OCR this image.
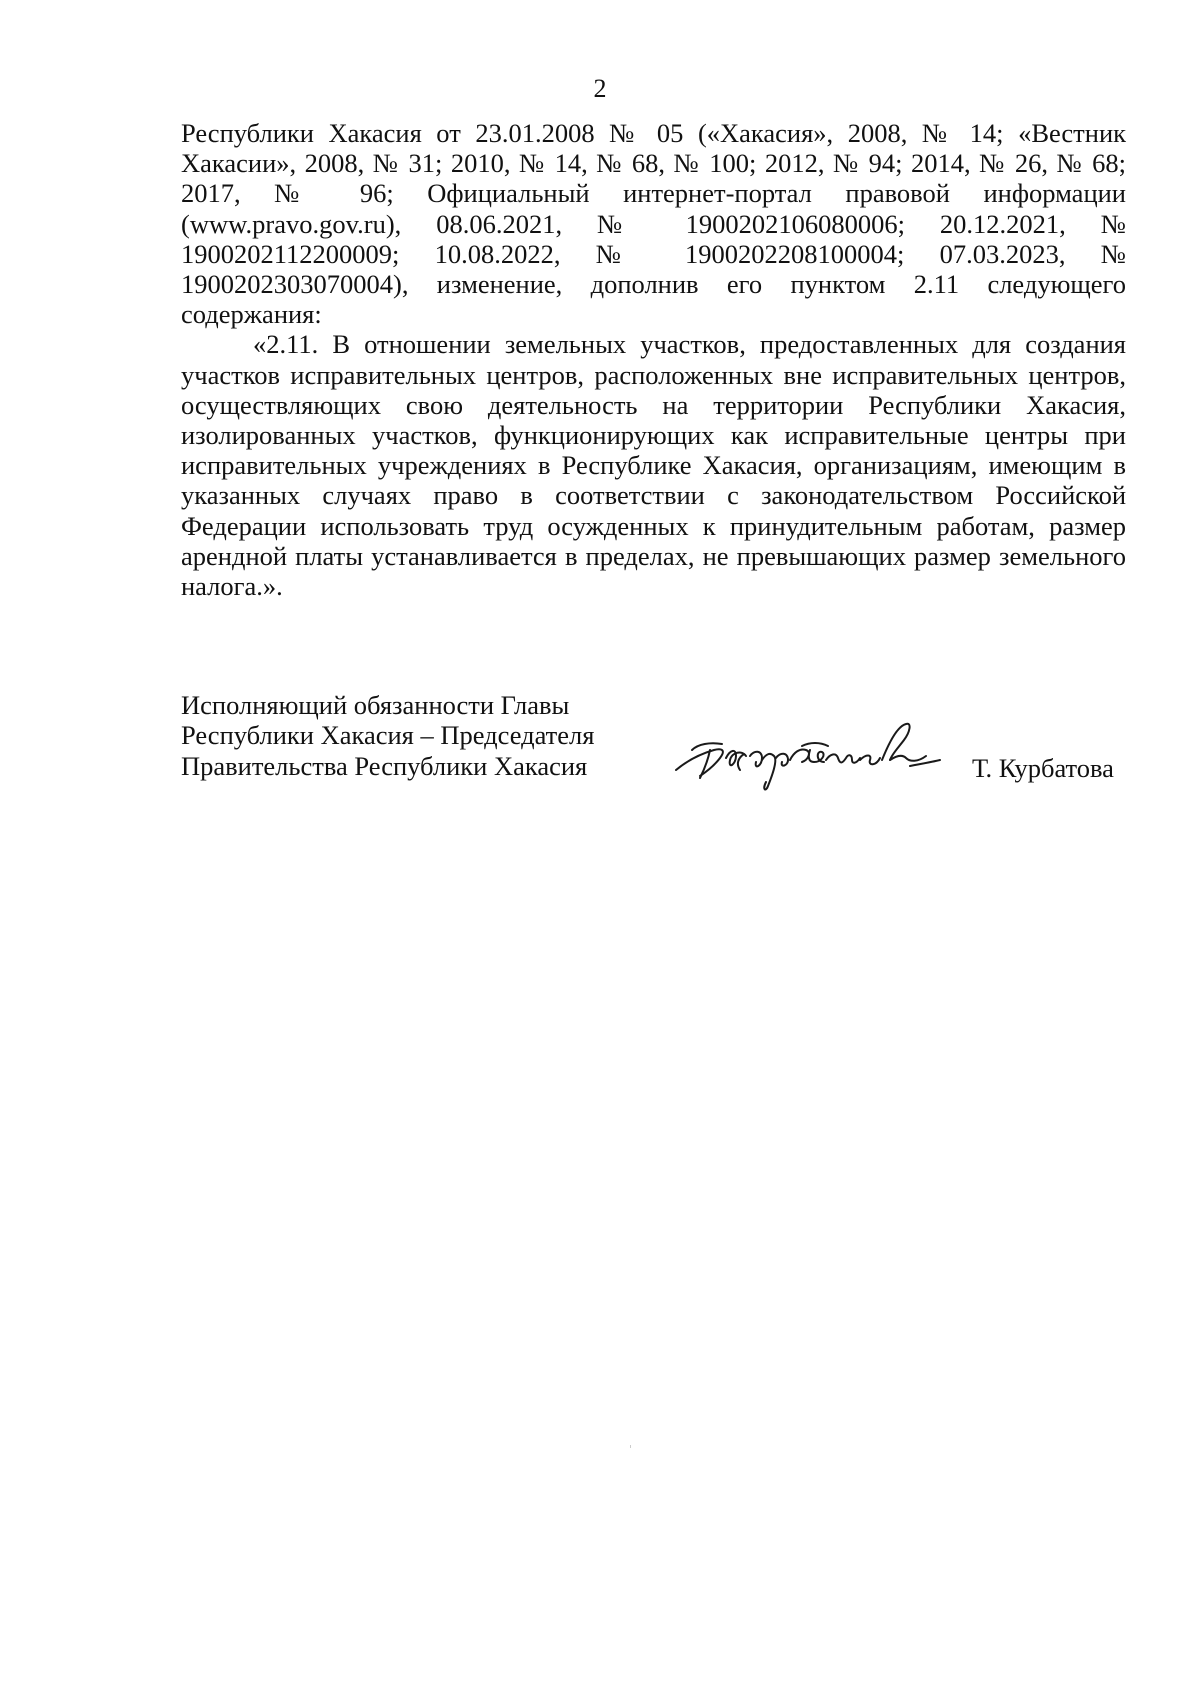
2

Республики Хакасия от 23.01.2008 № 05 («Хакасия», 2008, № 14; «Вестник Хакасии», 2008, № 31; 2010, № 14, № 68, № 100; 2012, № 94; 2014, № 26, № 68; 2017, № 96; Официальный интернет-портал правовой информации (www.pravo.gov.ru), 08.06.2021, № 1900202106080006; 20.12.2021, № 1900202112200009; 10.08.2022, № 1900202208100004; 07.03.2023, № 1900202303070004), изменение, дополнив его пунктом 2.11 следующего содержания:

«2.11. В отношении земельных участков, предоставленных для создания участков исправительных центров, расположенных вне исправительных центров, осуществляющих свою деятельность на территории Республики Хакасия, изолированных участков, функционирующих как исправительные центры при исправительных учреждениях в Республике Хакасия, организациям, имеющим в указанных случаях право в соответствии с законодательством Российской Федерации использовать труд осужденных к принудительным работам, размер арендной платы устанавливается в пределах, не превышающих размер земельного налога.».

Исполняющий обязанности Главы
Республики Хакасия – Председателя
Правительства Республики Хакасия	Т. Курбатова
